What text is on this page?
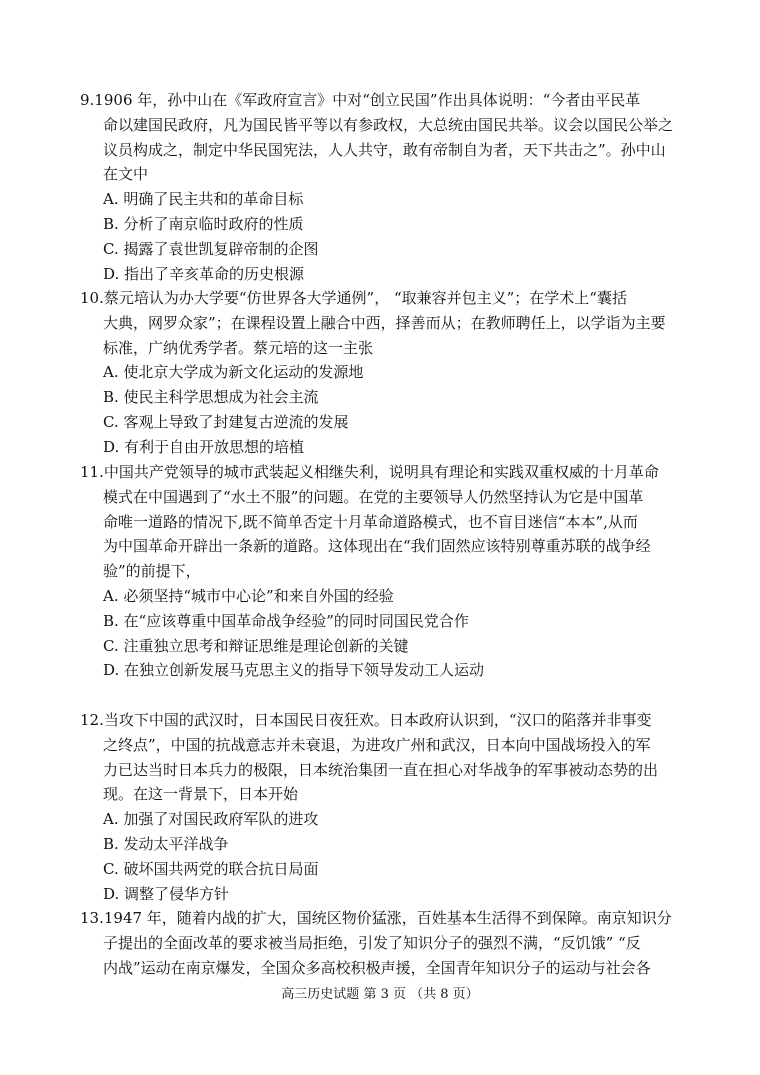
9.1906 年，孙中山在《军政府宣言》中对“创立民国”作出具体说明：“今者由平民革
命以建国民政府，凡为国民皆平等以有参政权，大总统由国民共举。议会以国民公举之
议员构成之，制定中华民国宪法，人人共守，敢有帝制自为者，天下共击之”。孙中山
在文中
A. 明确了民主共和的革命目标
B. 分析了南京临时政府的性质
C. 揭露了袁世凯复辟帝制的企图
D. 指出了辛亥革命的历史根源
10.蔡元培认为办大学要“仿世界各大学通例”， “取兼容并包主义”；在学术上“囊括
大典，网罗众家”；在课程设置上融合中西，择善而从；在教师聘任上，以学诣为主要
标准，广纳优秀学者。蔡元培的这一主张
A. 使北京大学成为新文化运动的发源地
B. 使民主科学思想成为社会主流
C. 客观上导致了封建复古逆流的发展
D. 有利于自由开放思想的培植
11.中国共产党领导的城市武装起义相继失利，说明具有理论和实践双重权威的十月革命
模式在中国遇到了“水土不服”的问题。在党的主要领导人仍然坚持认为它是中国革
命唯一道路的情况下,既不简单否定十月革命道路模式，也不盲目迷信“本本”,从而
为中国革命开辟出一条新的道路。这体现出在“我们固然应该特别尊重苏联的战争经
验”的前提下，
A. 必须坚持“城市中心论”和来自外国的经验
B. 在“应该尊重中国革命战争经验”的同时同国民党合作
C. 注重独立思考和辩证思维是理论创新的关键
D. 在独立创新发展马克思主义的指导下领导发动工人运动
12.当攻下中国的武汉时，日本国民日夜狂欢。日本政府认识到，“汉口的陷落并非事变
之终点”，中国的抗战意志并未衰退，为进攻广州和武汉，日本向中国战场投入的军
力已达当时日本兵力的极限，日本统治集团一直在担心对华战争的军事被动态势的出
现。在这一背景下，日本开始
A. 加强了对国民政府军队的进攻
B. 发动太平洋战争
C. 破坏国共两党的联合抗日局面
D. 调整了侵华方针
13.1947 年，随着内战的扩大，国统区物价猛涨，百姓基本生活得不到保障。南京知识分
子提出的全面改革的要求被当局拒绝，引发了知识分子的强烈不满，“反饥饿” “反
内战”运动在南京爆发，全国众多高校积极声援，全国青年知识分子的运动与社会各
高三历史试题 第 3 页 （共 8 页）
